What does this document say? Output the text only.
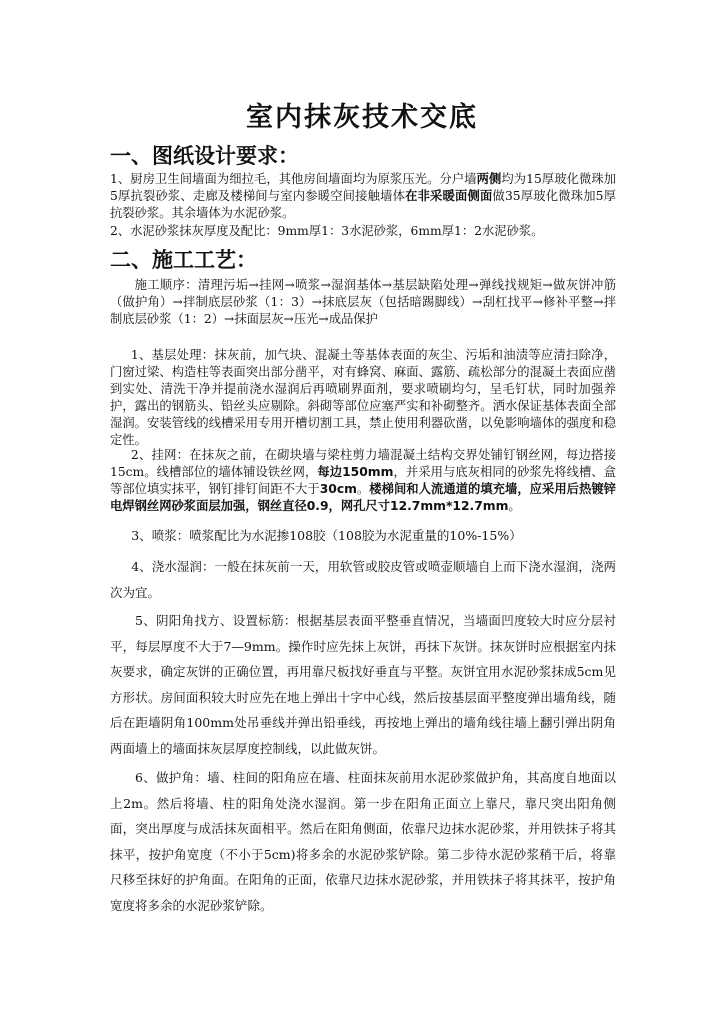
室内抹灰技术交底
一、图纸设计要求：

1、厨房卫生间墙面为细拉毛，其他房间墙面均为原浆压光。分户墙两侧均为15厚玻化微珠加5厚抗裂砂浆、走廊及楼梯间与室内参暖空间接触墙体在非采暖面侧面做35厚玻化微珠加5厚抗裂砂浆。其余墙体为水泥砂浆。

2、水泥砂浆抹灰厚度及配比：9mm厚1：3水泥砂浆，6mm厚1：2水泥砂浆。

二、施工工艺：

施工顺序：清理污垢→挂网→喷浆→湿润基体→基层缺陷处理→弹线找规矩→做灰饼冲筋（做护角）→拌制底层砂浆（1：3）→抹底层灰（包括暗踢脚线）→刮杠找平→修补平整→拌制底层砂浆（1：2）→抹面层灰→压光→成品保护

1、基层处理：抹灰前，加气块、混凝土等基体表面的灰尘、污垢和油渍等应清扫除净，门窗过梁、构造柱等表面突出部分凿平，对有蜂窝、麻面、露筋、疏松部分的混凝土表面应凿到实处、清洗干净并提前浇水湿润后再喷刷界面剂，要求喷刷均匀，呈毛钉状，同时加强养护，露出的钢筋头、铅丝头应剔除。斜砌等部位应塞严实和补砌整齐。洒水保证基体表面全部湿润。安装管线的线槽采用专用开槽切割工具，禁止使用利器砍凿，以免影响墙体的强度和稳定性。

2、挂网：在抹灰之前，在砌块墙与梁柱剪力墙混凝土结构交界处铺钉钢丝网，每边搭接15cm。线槽部位的墙体铺设铁丝网，每边150mm，并采用与底灰相同的砂浆先将线槽、盒等部位填实抹平，钢钉排钉间距不大于30cm。楼梯间和人流通道的填充墙，应采用后热镀锌电焊钢丝网砂浆面层加强，钢丝直径0.9，网孔尺寸12.7mm*12.7mm。

3、喷浆：喷浆配比为水泥掺108胶（108胶为水泥重量的10%-15%）

4、浇水湿润：一般在抹灰前一天，用软管或胶皮管或喷壶顺墙自上而下浇水湿润，浇两次为宜。

5、阴阳角找方、设置标筋：根据基层表面平整垂直情况，当墙面凹度较大时应分层衬平，每层厚度不大于7—9mm。操作时应先抹上灰饼，再抹下灰饼。抹灰饼时应根据室内抹灰要求，确定灰饼的正确位置，再用靠尺板找好垂直与平整。灰饼宜用水泥砂浆抹成5cm见方形状。房间面积较大时应先在地上弹出十字中心线，然后按基层面平整度弹出墙角线，随后在距墙阴角100mm处吊垂线并弹出铅垂线，再按地上弹出的墙角线往墙上翻引弹出阴角两面墙上的墙面抹灰层厚度控制线，以此做灰饼。

6、做护角：墙、柱间的阳角应在墙、柱面抹灰前用水泥砂浆做护角，其高度自地面以上2m。然后将墙、柱的阳角处浇水湿润。第一步在阳角正面立上靠尺，靠尺突出阳角侧面，突出厚度与成活抹灰面相平。然后在阳角侧面，依靠尺边抹水泥砂浆，并用铁抹子将其抹平，按护角宽度（不小于5cm)将多余的水泥砂浆铲除。第二步待水泥砂浆稍干后，将靠尺移至抹好的护角面。在阳角的正面，依靠尺边抹水泥砂浆，并用铁抹子将其抹平，按护角宽度将多余的水泥砂浆铲除。
